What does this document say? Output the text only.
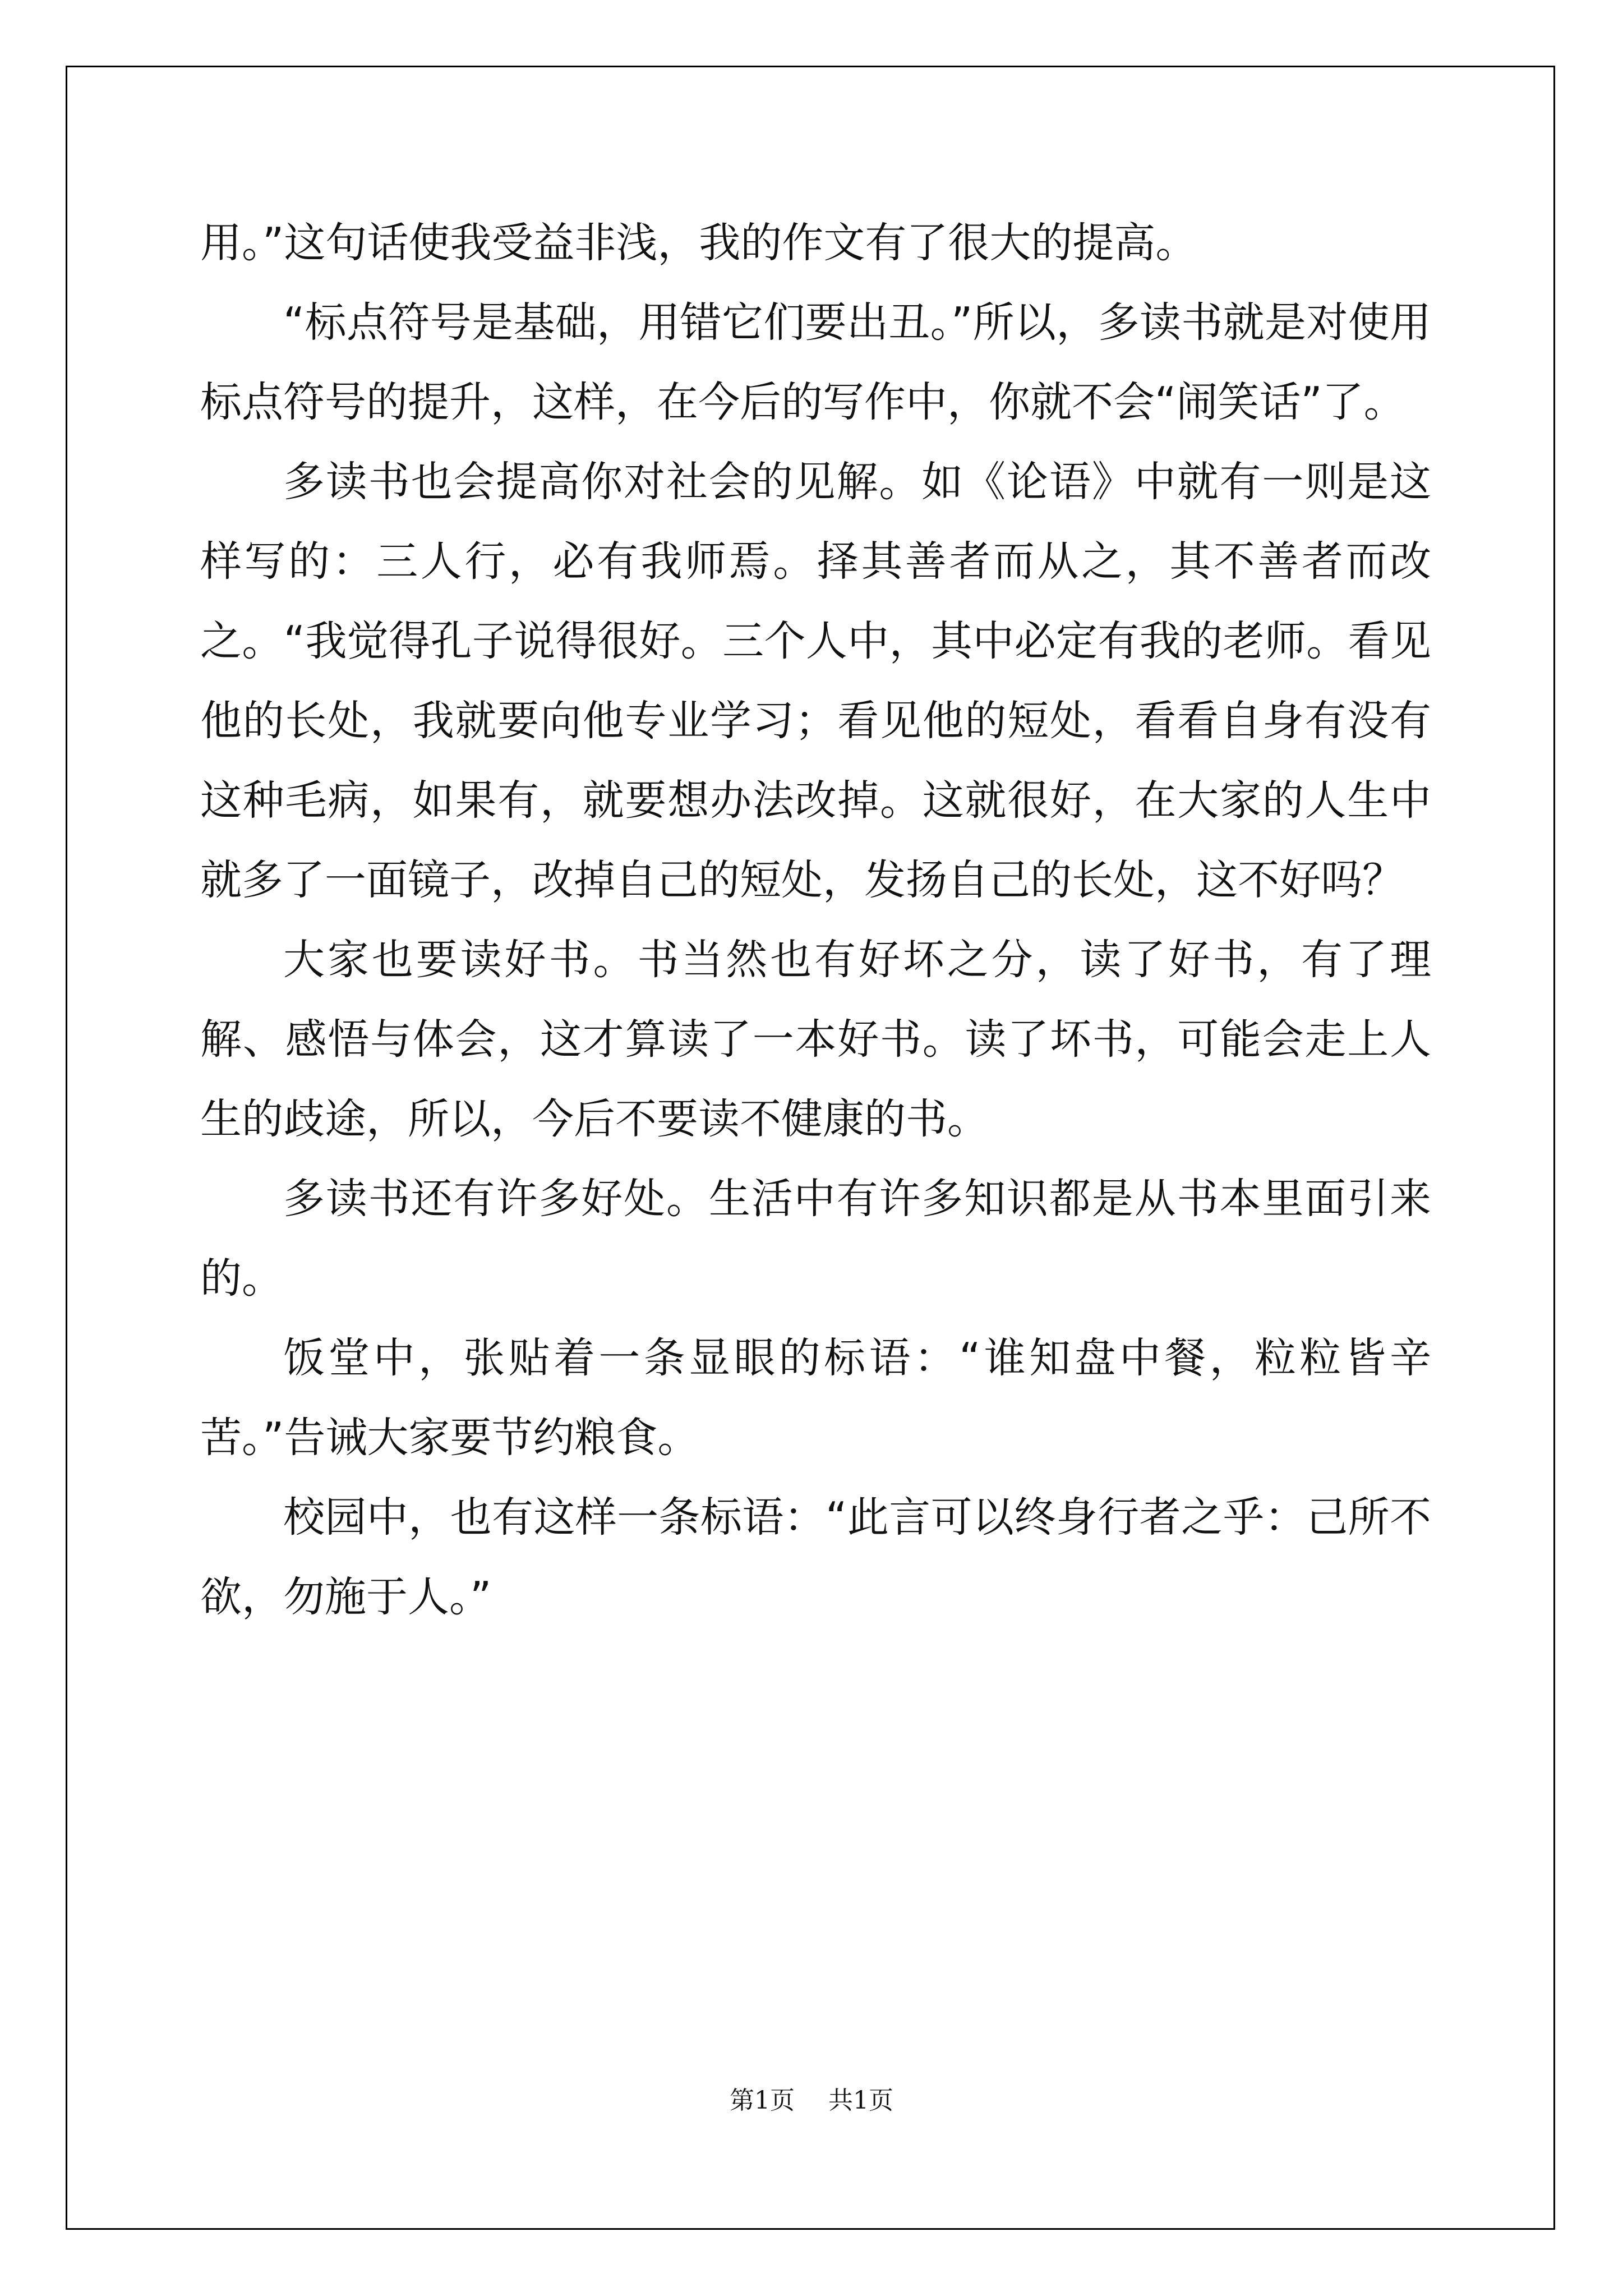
用。”这句话使我受益非浅，我的作文有了很大的提高。

“标点符号是基础，用错它们要出丑。”所以，多读书就是对使用标点符号的提升，这样，在今后的写作中，你就不会“闹笑话”了。

多读书也会提高你对社会的见解。如《论语》中就有一则是这样写的：三人行，必有我师焉。择其善者而从之，其不善者而改之。“我觉得孔子说得很好。三个人中，其中必定有我的老师。看见他的长处，我就要向他专业学习；看见他的短处，看看自身有没有这种毛病，如果有，就要想办法改掉。这就很好，在大家的人生中就多了一面镜子，改掉自己的短处，发扬自己的长处，这不好吗？

大家也要读好书。书当然也有好坏之分，读了好书，有了理解、感悟与体会，这才算读了一本好书。读了坏书，可能会走上人生的歧途，所以，今后不要读不健康的书。

多读书还有许多好处。生活中有许多知识都是从书本里面引来的。

饭堂中，张贴着一条显眼的标语：“谁知盘中餐，粒粒皆辛苦。”告诫大家要节约粮食。

校园中，也有这样一条标语：“此言可以终身行者之乎：己所不欲，勿施于人。”

第1页 共1页
